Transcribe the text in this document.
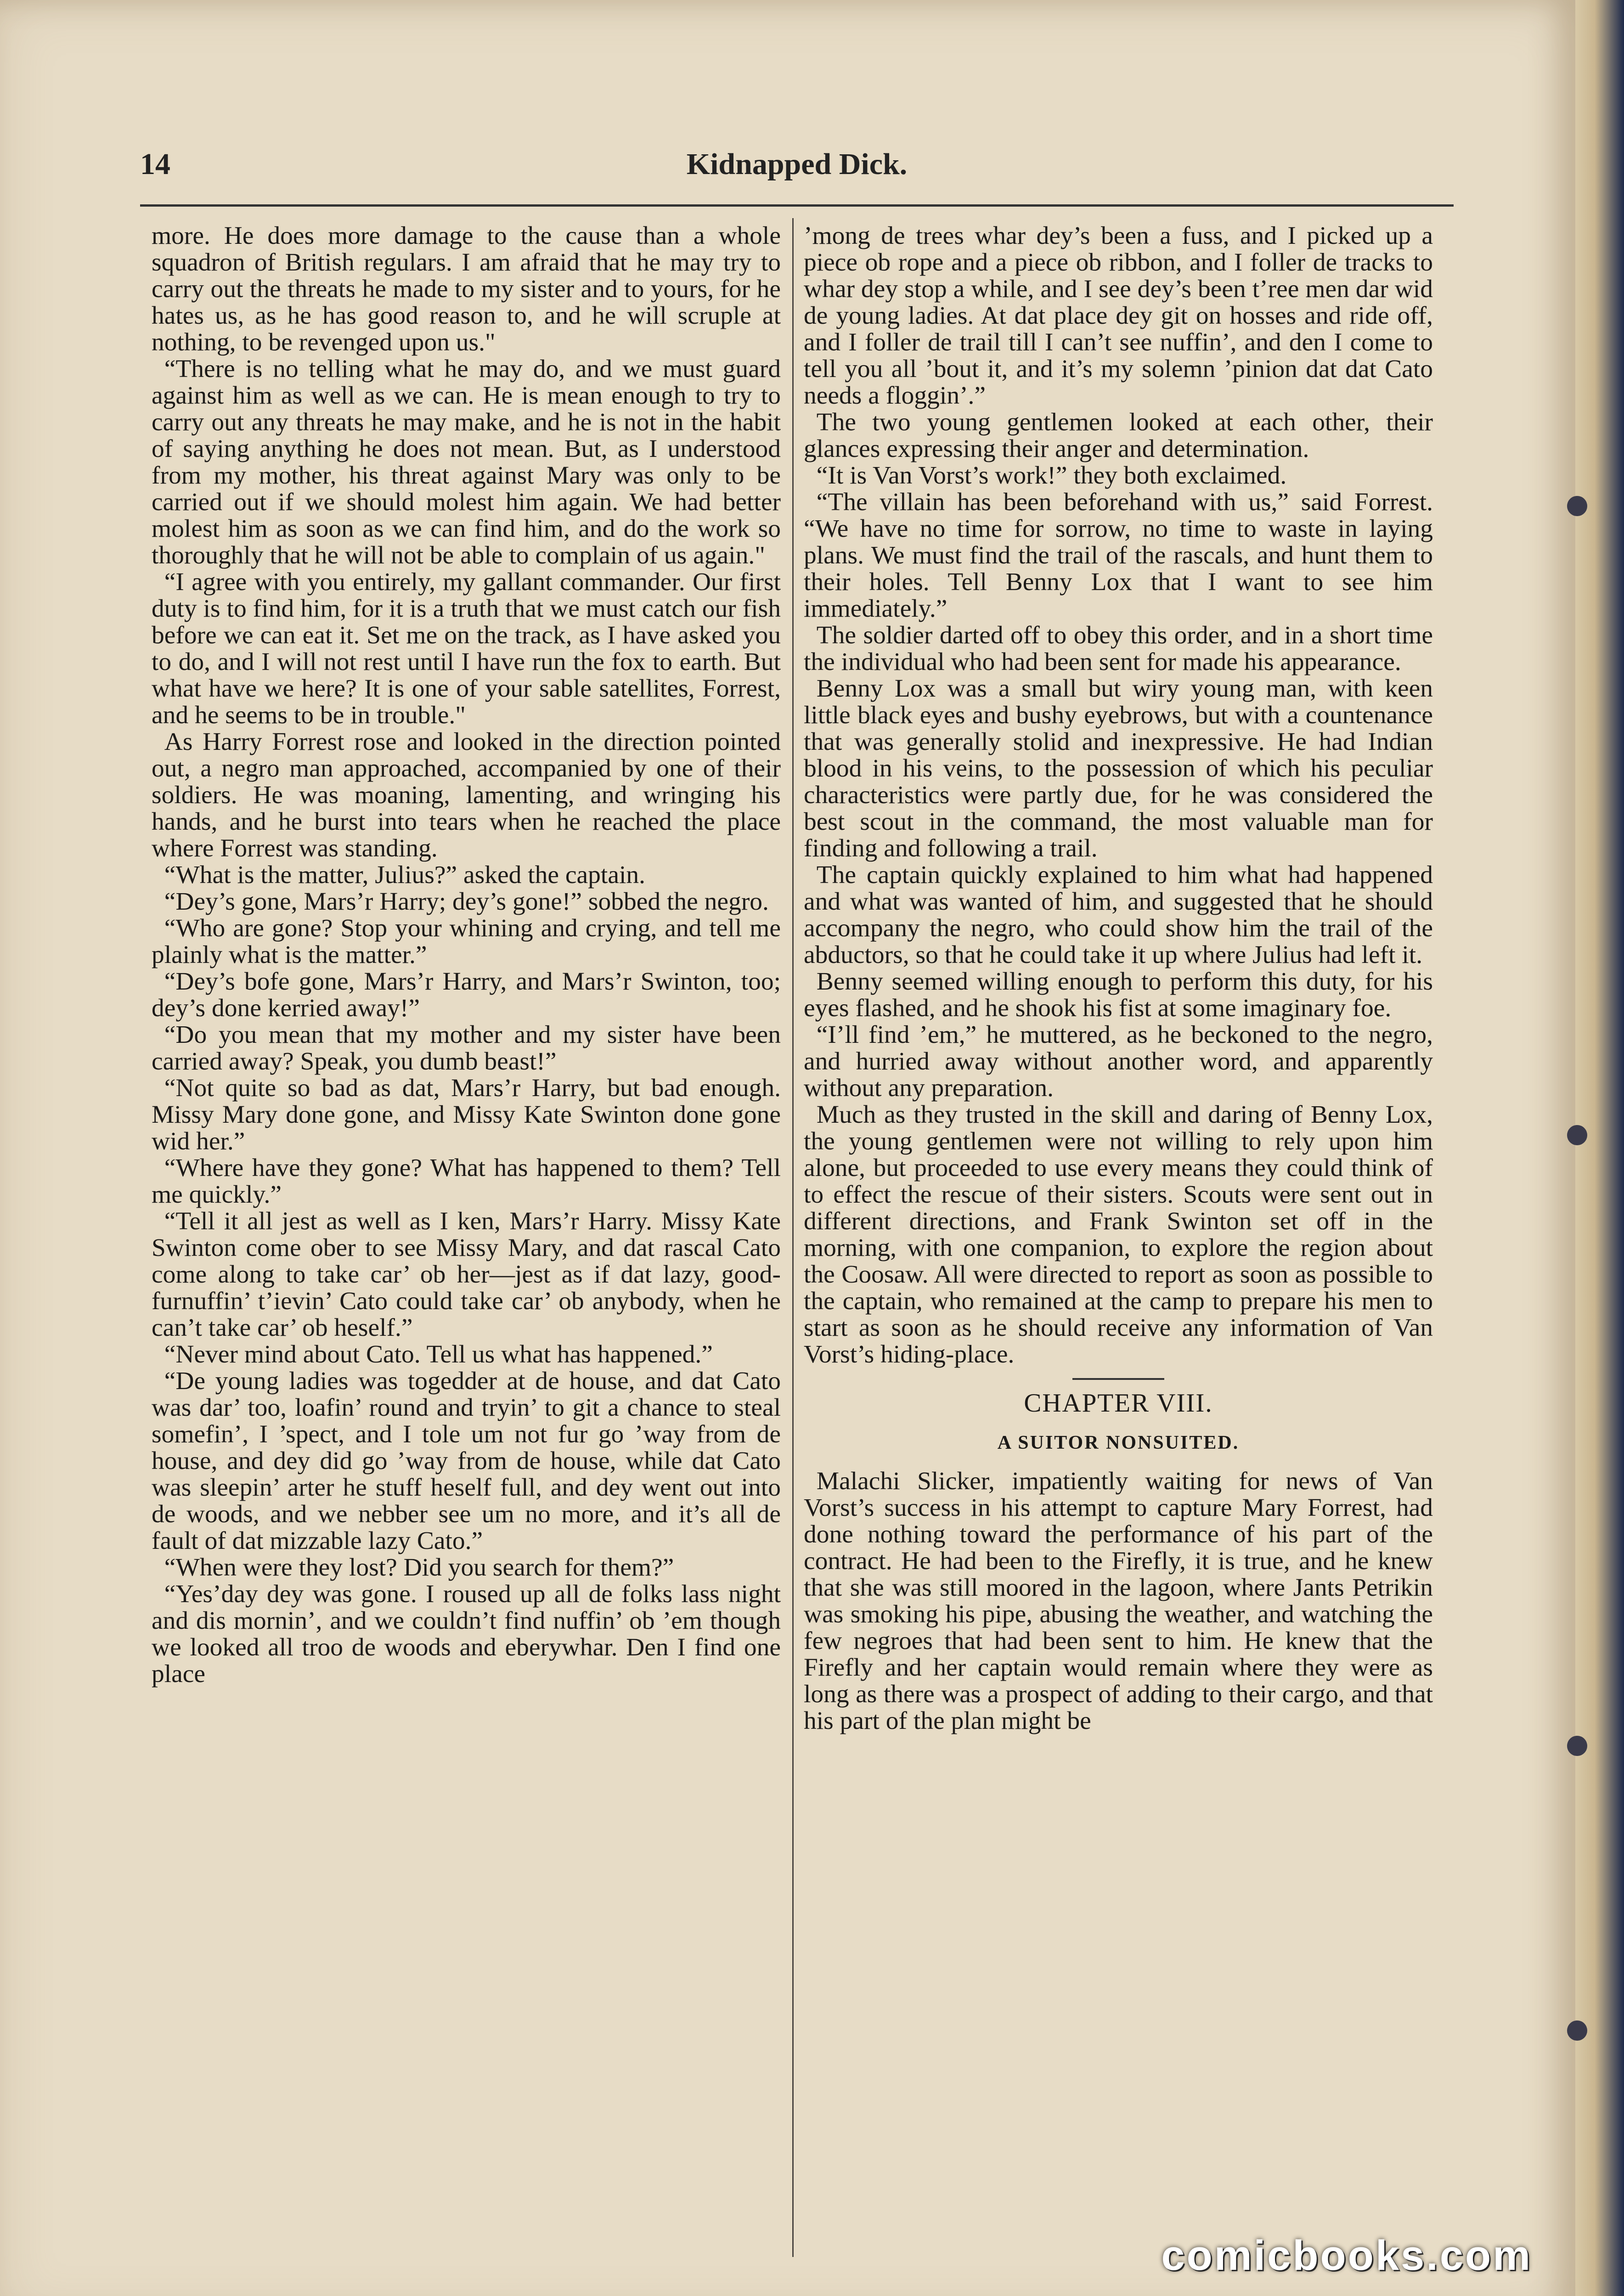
14	Kidnapped Dick.

more. He does more damage to the cause than a whole squadron of British regulars. I am afraid that he may try to carry out the threats he made to my sister and to yours, for he hates us, as he has good reason to, and he will scruple at nothing, to be revenged upon us."

“There is no telling what he may do, and we must guard against him as well as we can. He is mean enough to try to carry out any threats he may make, and he is not in the habit of saying anything he does not mean. But, as I understood from my mother, his threat against Mary was only to be carried out if we should molest him again. We had better molest him as soon as we can find him, and do the work so thoroughly that he will not be able to complain of us again."

“I agree with you entirely, my gallant commander. Our first duty is to find him, for it is a truth that we must catch our fish before we can eat it. Set me on the track, as I have asked you to do, and I will not rest until I have run the fox to earth. But what have we here? It is one of your sable satellites, Forrest, and he seems to be in trouble."

As Harry Forrest rose and looked in the direction pointed out, a negro man approached, accompanied by one of their soldiers. He was moaning, lamenting, and wringing his hands, and he burst into tears when he reached the place where Forrest was standing.

“What is the matter, Julius?” asked the captain.

“Dey’s gone, Mars’r Harry; dey’s gone!” sobbed the negro.

“Who are gone? Stop your whining and crying, and tell me plainly what is the matter.”

“Dey’s bofe gone, Mars’r Harry, and Mars’r Swinton, too; dey’s done kerried away!”

“Do you mean that my mother and my sister have been carried away? Speak, you dumb beast!”

“Not quite so bad as dat, Mars’r Harry, but bad enough. Missy Mary done gone, and Missy Kate Swinton done gone wid her.”

“Where have they gone? What has happened to them? Tell me quickly.”

“Tell it all jest as well as I ken, Mars’r Harry. Missy Kate Swinton come ober to see Missy Mary, and dat rascal Cato come along to take car’ ob her—jest as if dat lazy, good-furnuffin’ t’ievin’ Cato could take car’ ob anybody, when he can’t take car’ ob heself.”

“Never mind about Cato. Tell us what has happened.”

“De young ladies was togedder at de house, and dat Cato was dar’ too, loafin’ round and tryin’ to git a chance to steal somefin’, I ’spect, and I tole um not fur go ’way from de house, and dey did go ’way from de house, while dat Cato was sleepin’ arter he stuff heself full, and dey went out into de woods, and we nebber see um no more, and it’s all de fault of dat mizzable lazy Cato.”

“When were they lost? Did you search for them?”

“Yes’day dey was gone. I roused up all de folks lass night and dis mornin’, and we couldn’t find nuffin’ ob ’em though we looked all troo de woods and eberywhar. Den I find one place

’mong de trees whar dey’s been a fuss, and I picked up a piece ob rope and a piece ob ribbon, and I foller de tracks to whar dey stop a while, and I see dey’s been t’ree men dar wid de young ladies. At dat place dey git on hosses and ride off, and I foller de trail till I can’t see nuffin’, and den I come to tell you all ’bout it, and it’s my solemn ’pinion dat dat Cato needs a floggin’.”

The two young gentlemen looked at each other, their glances expressing their anger and determination.

“It is Van Vorst’s work!” they both exclaimed.

“The villain has been beforehand with us,” said Forrest. “We have no time for sorrow, no time to waste in laying plans. We must find the trail of the rascals, and hunt them to their holes. Tell Benny Lox that I want to see him immediately.”

The soldier darted off to obey this order, and in a short time the individual who had been sent for made his appearance.

Benny Lox was a small but wiry young man, with keen little black eyes and bushy eyebrows, but with a countenance that was generally stolid and inexpressive. He had Indian blood in his veins, to the possession of which his peculiar characteristics were partly due, for he was considered the best scout in the command, the most valuable man for finding and following a trail.

The captain quickly explained to him what had happened and what was wanted of him, and suggested that he should accompany the negro, who could show him the trail of the abductors, so that he could take it up where Julius had left it.

Benny seemed willing enough to perform this duty, for his eyes flashed, and he shook his fist at some imaginary foe.

“I’ll find ’em,” he muttered, as he beckoned to the negro, and hurried away without another word, and apparently without any preparation.

Much as they trusted in the skill and daring of Benny Lox, the young gentlemen were not willing to rely upon him alone, but proceeded to use every means they could think of to effect the rescue of their sisters. Scouts were sent out in different directions, and Frank Swinton set off in the morning, with one companion, to explore the region about the Coosaw. All were directed to report as soon as possible to the captain, who remained at the camp to prepare his men to start as soon as he should receive any information of Van Vorst’s hiding-place.

CHAPTER VIII.
A SUITOR NONSUITED.

Malachi Slicker, impatiently waiting for news of Van Vorst’s success in his attempt to capture Mary Forrest, had done nothing toward the performance of his part of the contract. He had been to the Firefly, it is true, and he knew that she was still moored in the lagoon, where Jants Petrikin was smoking his pipe, abusing the weather, and watching the few negroes that had been sent to him. He knew that the Firefly and her captain would remain where they were as long as there was a prospect of adding to their cargo, and that his part of the plan might be

comicbooks.com
